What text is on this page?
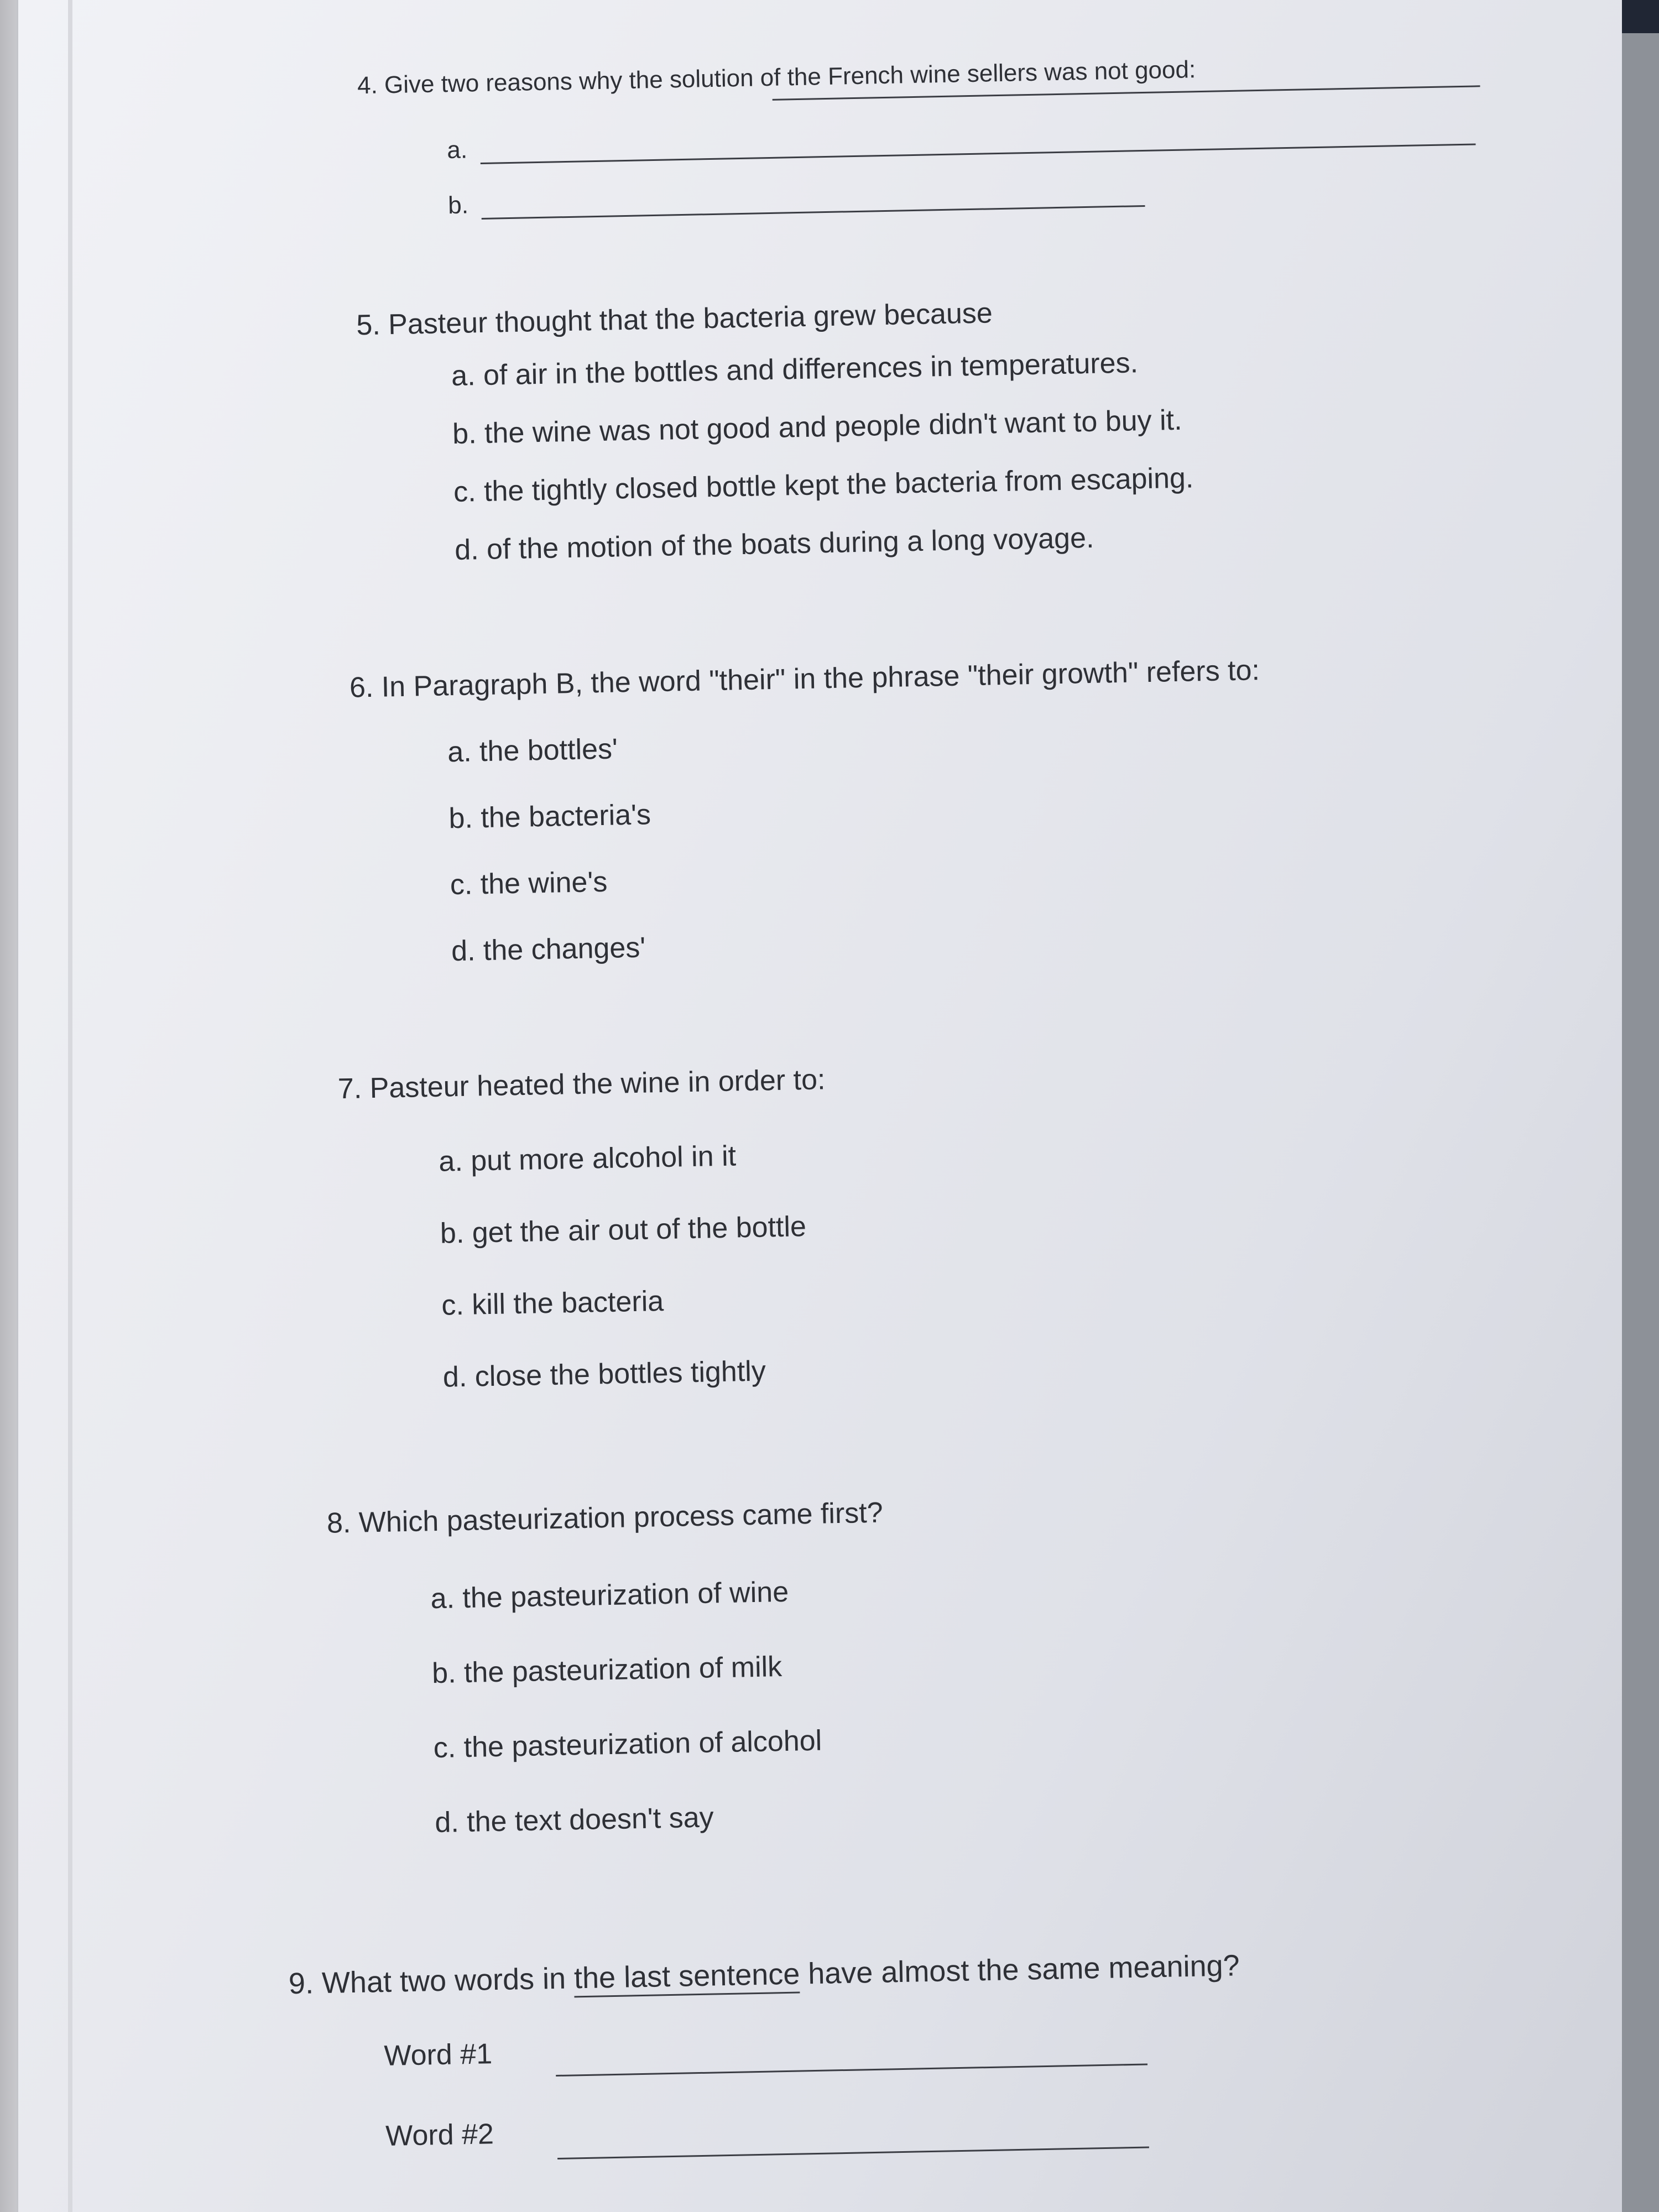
4. Give two reasons why the solution of the French wine sellers was not good:
a.
b.
5. Pasteur thought that the bacteria grew because
a. of air in the bottles and differences in temperatures.
b. the wine was not good and people didn't want to buy it.
c. the tightly closed bottle kept the bacteria from escaping.
d. of the motion of the boats during a long voyage.
6. In Paragraph B, the word "their" in the phrase "their growth" refers to:
a. the bottles'
b. the bacteria's
c. the wine's
d. the changes'
7. Pasteur heated the wine in order to:
a. put more alcohol in it
b. get the air out of the bottle
c. kill the bacteria
d. close the bottles tightly
8. Which pasteurization process came first?
a. the pasteurization of wine
b. the pasteurization of milk
c. the pasteurization of alcohol
d. the text doesn't say
9. What two words in the last sentence have almost the same meaning?
Word #1
Word #2
